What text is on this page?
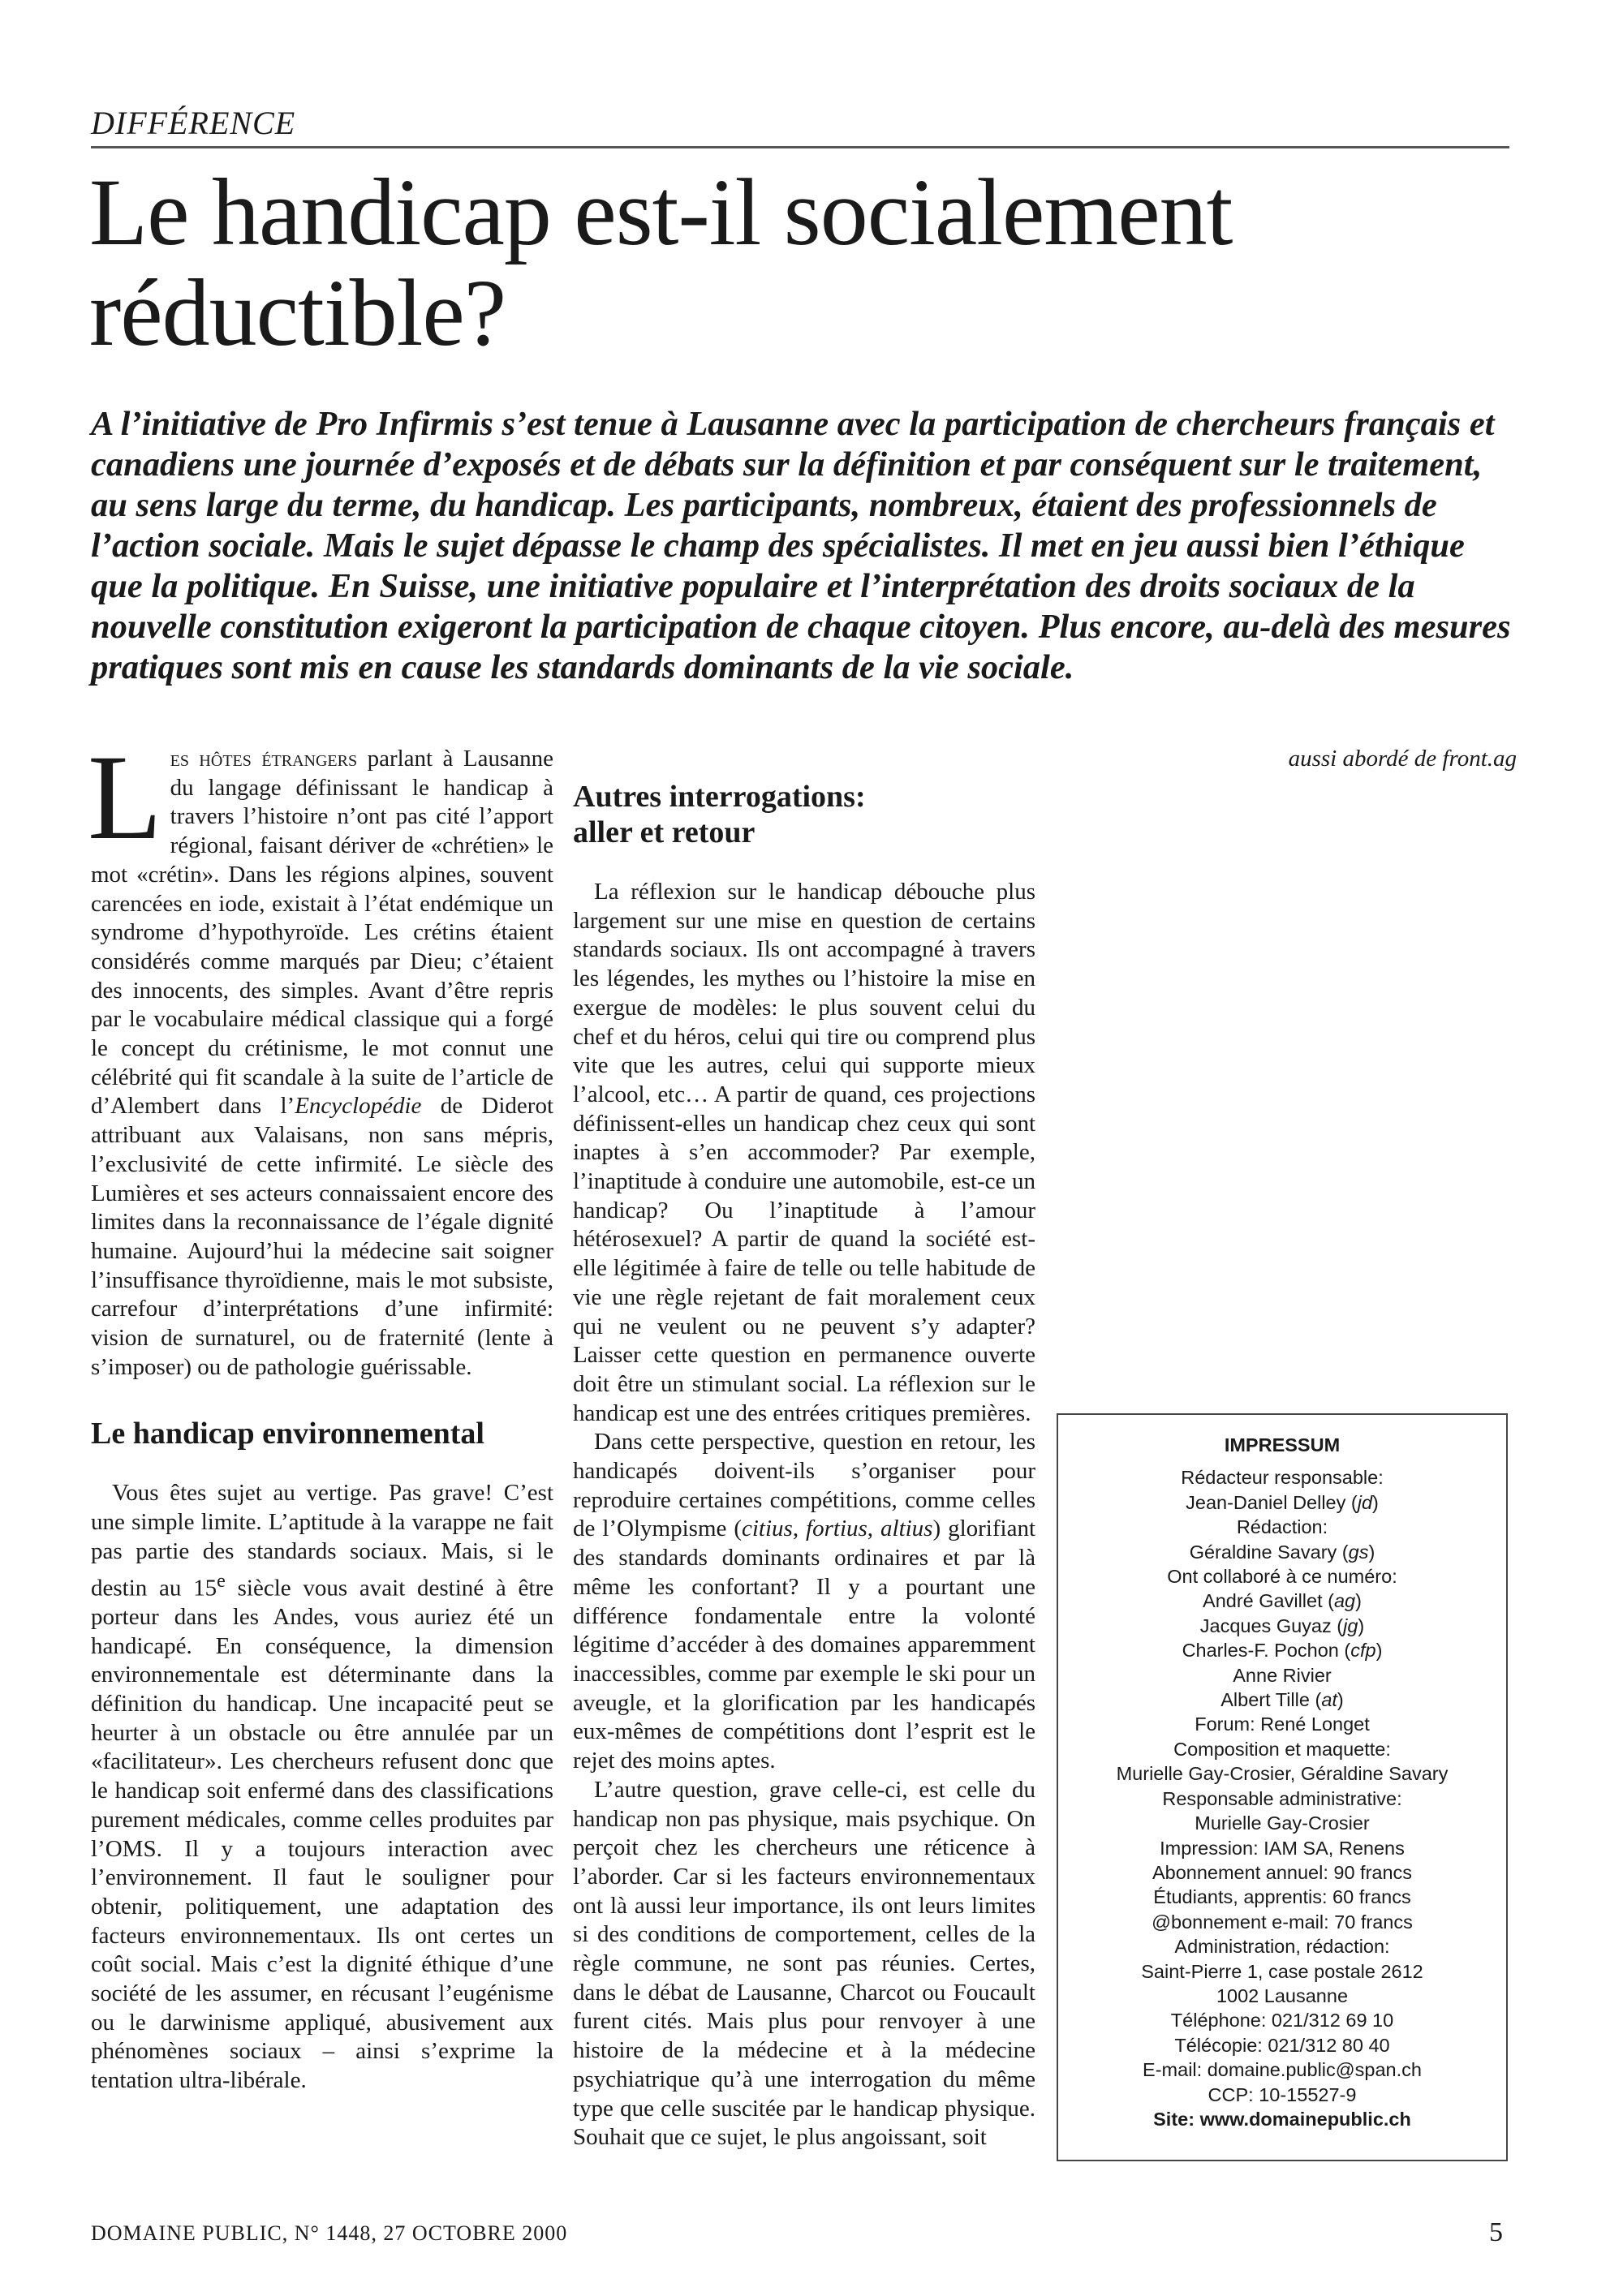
DIFFÉRENCE
Le handicap est-il socialement réductible?

A l’initiative de Pro Infirmis s’est tenue à Lausanne avec la participation de chercheurs français et canadiens une journée d’exposés et de débats sur la définition et par conséquent sur le traitement, au sens large du terme, du handicap. Les participants, nombreux, étaient des professionnels de l’action sociale. Mais le sujet dépasse le champ des spécialistes. Il met en jeu aussi bien l’éthique que la politique. En Suisse, une initiative populaire et l’interprétation des droits sociaux de la nouvelle constitution exigeront la participation de chaque citoyen. Plus encore, au-delà des mesures pratiques sont mis en cause les standards dominants de la vie sociale.

Les hôtes étrangers parlant à Lausanne du langage définissant le handicap à travers l’histoire n’ont pas cité l’apport régional, faisant dériver de «chrétien» le mot «crétin». Dans les régions alpines, souvent carencées en iode, existait à l’état endémique un syndrome d’hypothyroïde. Les crétins étaient considérés comme marqués par Dieu; c’étaient des innocents, des simples. Avant d’être repris par le vocabulaire médical classique qui a forgé le concept du crétinisme, le mot connut une célébrité qui fit scandale à la suite de l’article de d’Alembert dans l’Encyclopédie de Diderot attribuant aux Valaisans, non sans mépris, l’exclusivité de cette infirmité. Le siècle des Lumières et ses acteurs connaissaient encore des limites dans la reconnaissance de l’égale dignité humaine. Aujourd’hui la médecine sait soigner l’insuffisance thyroïdienne, mais le mot subsiste, carrefour d’interprétations d’une infirmité: vision de surnaturel, ou de fraternité (lente à s’imposer) ou de pathologie guérissable.

Le handicap environnemental

Vous êtes sujet au vertige. Pas grave! C’est une simple limite. L’aptitude à la varappe ne fait pas partie des standards sociaux. Mais, si le destin au 15e siècle vous avait destiné à être porteur dans les Andes, vous auriez été un handicapé. En conséquence, la dimension environnementale est déterminante dans la définition du handicap. Une incapacité peut se heurter à un obstacle ou être annulée par un «facilitateur». Les chercheurs refusent donc que le handicap soit enfermé dans des classifications purement médicales, comme celles produites par l’OMS. Il y a toujours interaction avec l’environnement. Il faut le souligner pour obtenir, politiquement, une adaptation des facteurs environnementaux. Ils ont certes un coût social. Mais c’est la dignité éthique d’une société de les assumer, en récusant l’eugénisme ou le darwinisme appliqué, abusivement aux phénomènes sociaux – ainsi s’exprime la tentation ultra-libérale.

Autres interrogations:
aller et retour

La réflexion sur le handicap débouche plus largement sur une mise en question de certains standards sociaux. Ils ont accompagné à travers les légendes, les mythes ou l’histoire la mise en exergue de modèles: le plus souvent celui du chef et du héros, celui qui tire ou comprend plus vite que les autres, celui qui supporte mieux l’alcool, etc… A partir de quand, ces projections définissent-elles un handicap chez ceux qui sont inaptes à s’en accommoder? Par exemple, l’inaptitude à conduire une automobile, est-ce un handicap? Ou l’inaptitude à l’amour hétérosexuel? A partir de quand la société est-elle légitimée à faire de telle ou telle habitude de vie une règle rejetant de fait moralement ceux qui ne veulent ou ne peuvent s’y adapter? Laisser cette question en permanence ouverte doit être un stimulant social. La réflexion sur le handicap est une des entrées critiques premières.

Dans cette perspective, question en retour, les handicapés doivent-ils s’organiser pour reproduire certaines compétitions, comme celles de l’Olympisme (citius, fortius, altius) glorifiant des standards dominants ordinaires et par là même les confortant? Il y a pourtant une différence fondamentale entre la volonté légitime d’accéder à des domaines apparemment inaccessibles, comme par exemple le ski pour un aveugle, et la glorification par les handicapés eux-mêmes de compétitions dont l’esprit est le rejet des moins aptes.

L’autre question, grave celle-ci, est celle du handicap non pas physique, mais psychique. On perçoit chez les chercheurs une réticence à l’aborder. Car si les facteurs environnementaux ont là aussi leur importance, ils ont leurs limites si des conditions de comportement, celles de la règle commune, ne sont pas réunies. Certes, dans le débat de Lausanne, Charcot ou Foucault furent cités. Mais plus pour renvoyer à une histoire de la médecine et à la médecine psychiatrique qu’à une interrogation du même type que celle suscitée par le handicap physique. Souhait que ce sujet, le plus angoissant, soit

aussi abordé de front.ag

IMPRESSUM
Rédacteur responsable:
Jean-Daniel Delley (jd)
Rédaction:
Géraldine Savary (gs)
Ont collaboré à ce numéro:
André Gavillet (ag)
Jacques Guyaz (jg)
Charles-F. Pochon (cfp)
Anne Rivier
Albert Tille (at)
Forum: René Longet
Composition et maquette:
Murielle Gay-Crosier, Géraldine Savary
Responsable administrative:
Murielle Gay-Crosier
Impression: IAM SA, Renens
Abonnement annuel: 90 francs
Étudiants, apprentis: 60 francs
@bonnement e-mail: 70 francs
Administration, rédaction:
Saint-Pierre 1, case postale 2612
1002 Lausanne
Téléphone: 021/312 69 10
Télécopie: 021/312 80 40
E-mail: domaine.public@span.ch
CCP: 10-15527-9
Site: www.domainepublic.ch
DOMAINE PUBLIC, N° 1448, 27 OCTOBRE 2000	5
